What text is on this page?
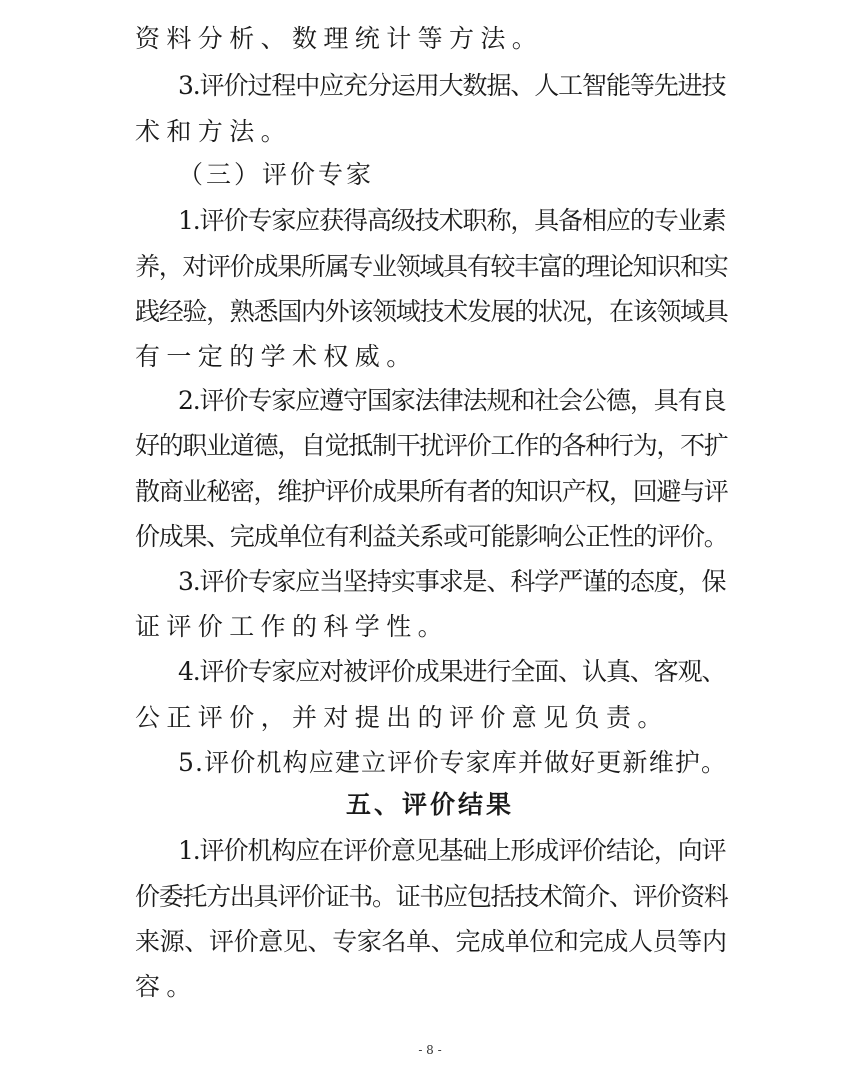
资料分析、数理统计等方法。
3.评价过程中应充分运用大数据、人工智能等先进技
术和方法。
（三）评价专家
1.评价专家应获得高级技术职称，具备相应的专业素
养，对评价成果所属专业领域具有较丰富的理论知识和实
践经验，熟悉国内外该领域技术发展的状况，在该领域具
有一定的学术权威。
2.评价专家应遵守国家法律法规和社会公德，具有良
好的职业道德，自觉抵制干扰评价工作的各种行为，不扩
散商业秘密，维护评价成果所有者的知识产权，回避与评
价成果、完成单位有利益关系或可能影响公正性的评价。
3.评价专家应当坚持实事求是、科学严谨的态度，保
证评价工作的科学性。
4.评价专家应对被评价成果进行全面、认真、客观、
公正评价，并对提出的评价意见负责。
5.评价机构应建立评价专家库并做好更新维护。
五、评价结果
1.评价机构应在评价意见基础上形成评价结论，向评
价委托方出具评价证书。证书应包括技术简介、评价资料
来源、评价意见、专家名单、完成单位和完成人员等内
容。
- 8 -
